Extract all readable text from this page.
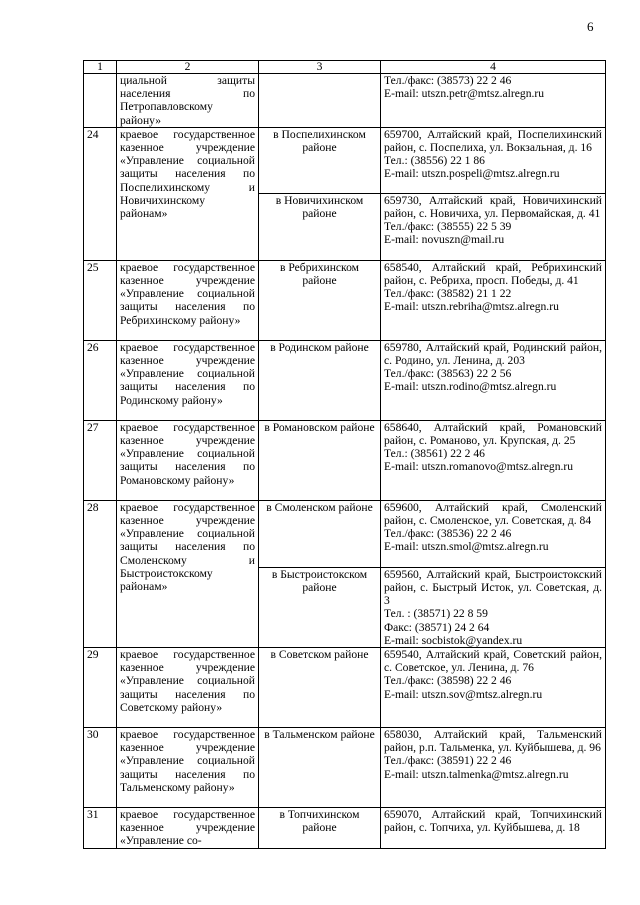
6
1	2	3	4
	циальной защиты населения по Петропавловскому району»		Тел./факс: (38573) 22 2 46
E-mail: utszn.petr@mtsz.alregn.ru

24	краевое государственное казенное учреждение «Управление социальной защиты населения по Поспелихинскому и Новичихинскому районам»	в Поспелихинском районе	659700, Алтайский край, Поспелихинский район, с. Поспелиха, ул. Вокзальная, д. 16
Тел.: (38556) 22 1 86
E-mail: utszn.pospeli@mtsz.alregn.ru

		в Новичихинском районе	659730, Алтайский край, Новичихинский район, с. Новичиха, ул. Первомайская, д. 41
Тел./факс: (38555) 22 5 39
E-mail: novuszn@mail.ru

25	краевое государственное казенное учреждение «Управление социальной защиты населения по Ребрихинскому району»	в Ребрихинском районе	658540, Алтайский край, Ребрихинский район, с. Ребриха, просп. Победы, д. 41
Тел./факс: (38582) 21 1 22
E-mail: utszn.rebriha@mtsz.alregn.ru

26	краевое государственное казенное учреждение «Управление социальной защиты населения по Родинскому району»	в Родинском районе	659780, Алтайский край, Родинский район, с. Родино, ул. Ленина, д. 203
Тел./факс: (38563) 22 2 56
E-mail: utszn.rodino@mtsz.alregn.ru

27	краевое государственное казенное учреждение «Управление социальной защиты населения по Романовскому району»	в Романовском районе	658640, Алтайский край, Романовский район, с. Романово, ул. Крупская, д. 25
Тел.: (38561) 22 2 46
E-mail: utszn.romanovo@mtsz.alregn.ru

28	краевое государственное казенное учреждение «Управление социальной защиты населения по Смоленскому и Быстроистокскому районам»	в Смоленском районе	659600, Алтайский край, Смоленский район, с. Смоленское, ул. Советская, д. 84
Тел./факс: (38536) 22 2 46
E-mail: utszn.smol@mtsz.alregn.ru

		в Быстроистокском районе	659560, Алтайский край, Быстроистокский район, с. Быстрый Исток, ул. Советская, д. 3
Тел. : (38571) 22 8 59
Факс: (38571) 24 2 64
E-mail: socbistok@yandex.ru

29	краевое государственное казенное учреждение «Управление социальной защиты населения по Советскому району»	в Советском районе	659540, Алтайский край, Советский район, с. Советское, ул. Ленина, д. 76
Тел./факс: (38598) 22 2 46
E-mail: utszn.sov@mtsz.alregn.ru

30	краевое государственное казенное учреждение «Управление социальной защиты населения по Тальменскому району»	в Тальменском районе	658030, Алтайский край, Тальменский район, р.п. Тальменка, ул. Куйбышева, д. 96
Тел./факс: (38591) 22 2 46
E-mail: utszn.talmenka@mtsz.alregn.ru

31	краевое государственное казенное учреждение «Управление со-	в Топчихинском районе	659070, Алтайский край, Топчихинский район, с. Топчиха, ул. Куйбышева, д. 18
